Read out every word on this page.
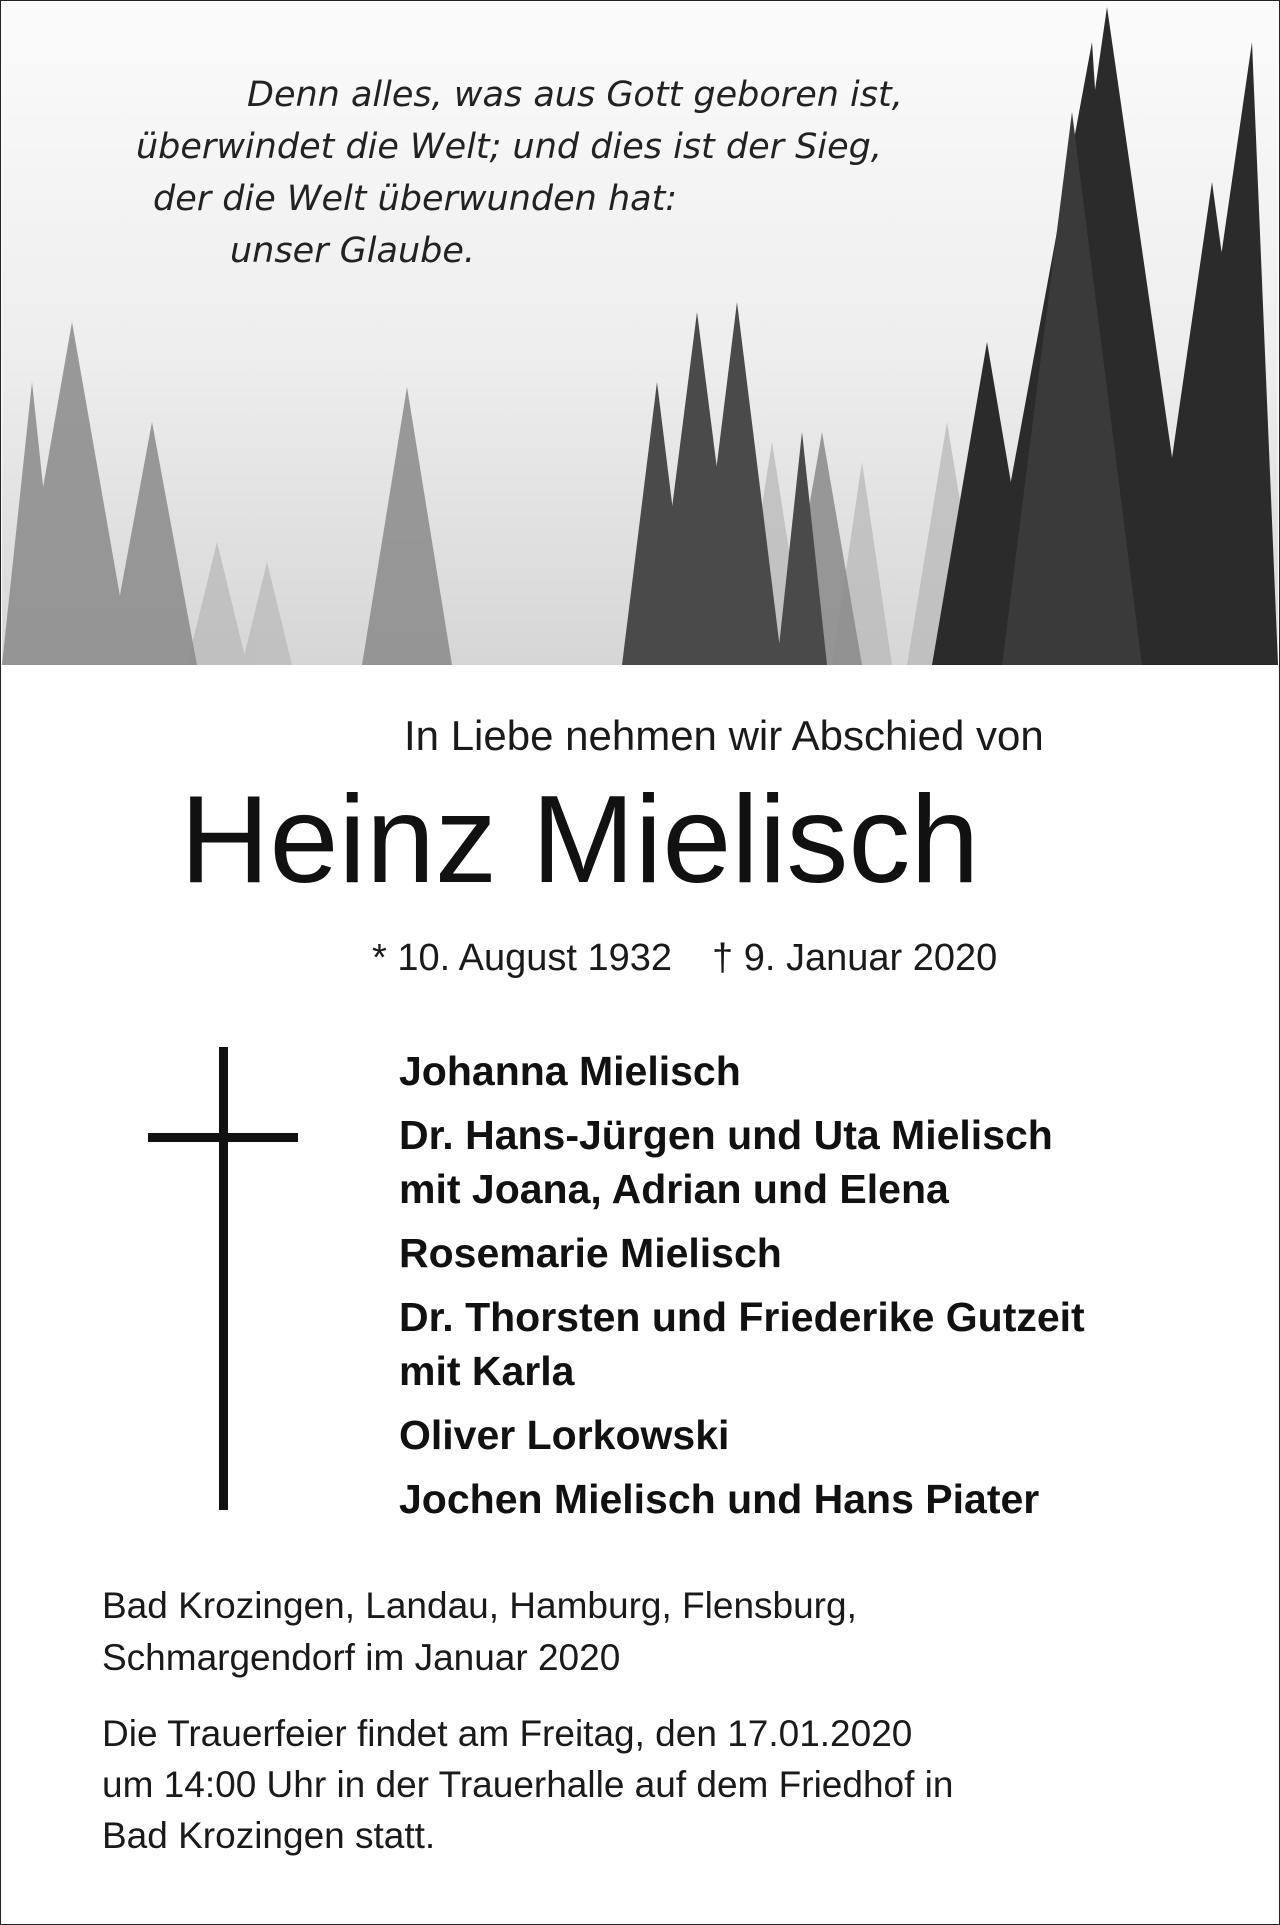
Denn alles, was aus Gott geboren ist,
überwindet die Welt; und dies ist der Sieg,
der die Welt überwunden hat:
unser Glaube.
In Liebe nehmen wir Abschied von
Heinz Mielisch
* 10. August 1932 † 9. Januar 2020
Johanna Mielisch
Dr. Hans-Jürgen und Uta Mielisch
mit Joana, Adrian und Elena
Rosemarie Mielisch
Dr. Thorsten und Friederike Gutzeit
mit Karla
Oliver Lorkowski
Jochen Mielisch und Hans Piater
Bad Krozingen, Landau, Hamburg, Flensburg,
Schmargendorf im Januar 2020
Die Trauerfeier findet am Freitag, den 17.01.2020
um 14:00 Uhr in der Trauerhalle auf dem Friedhof in
Bad Krozingen statt.
